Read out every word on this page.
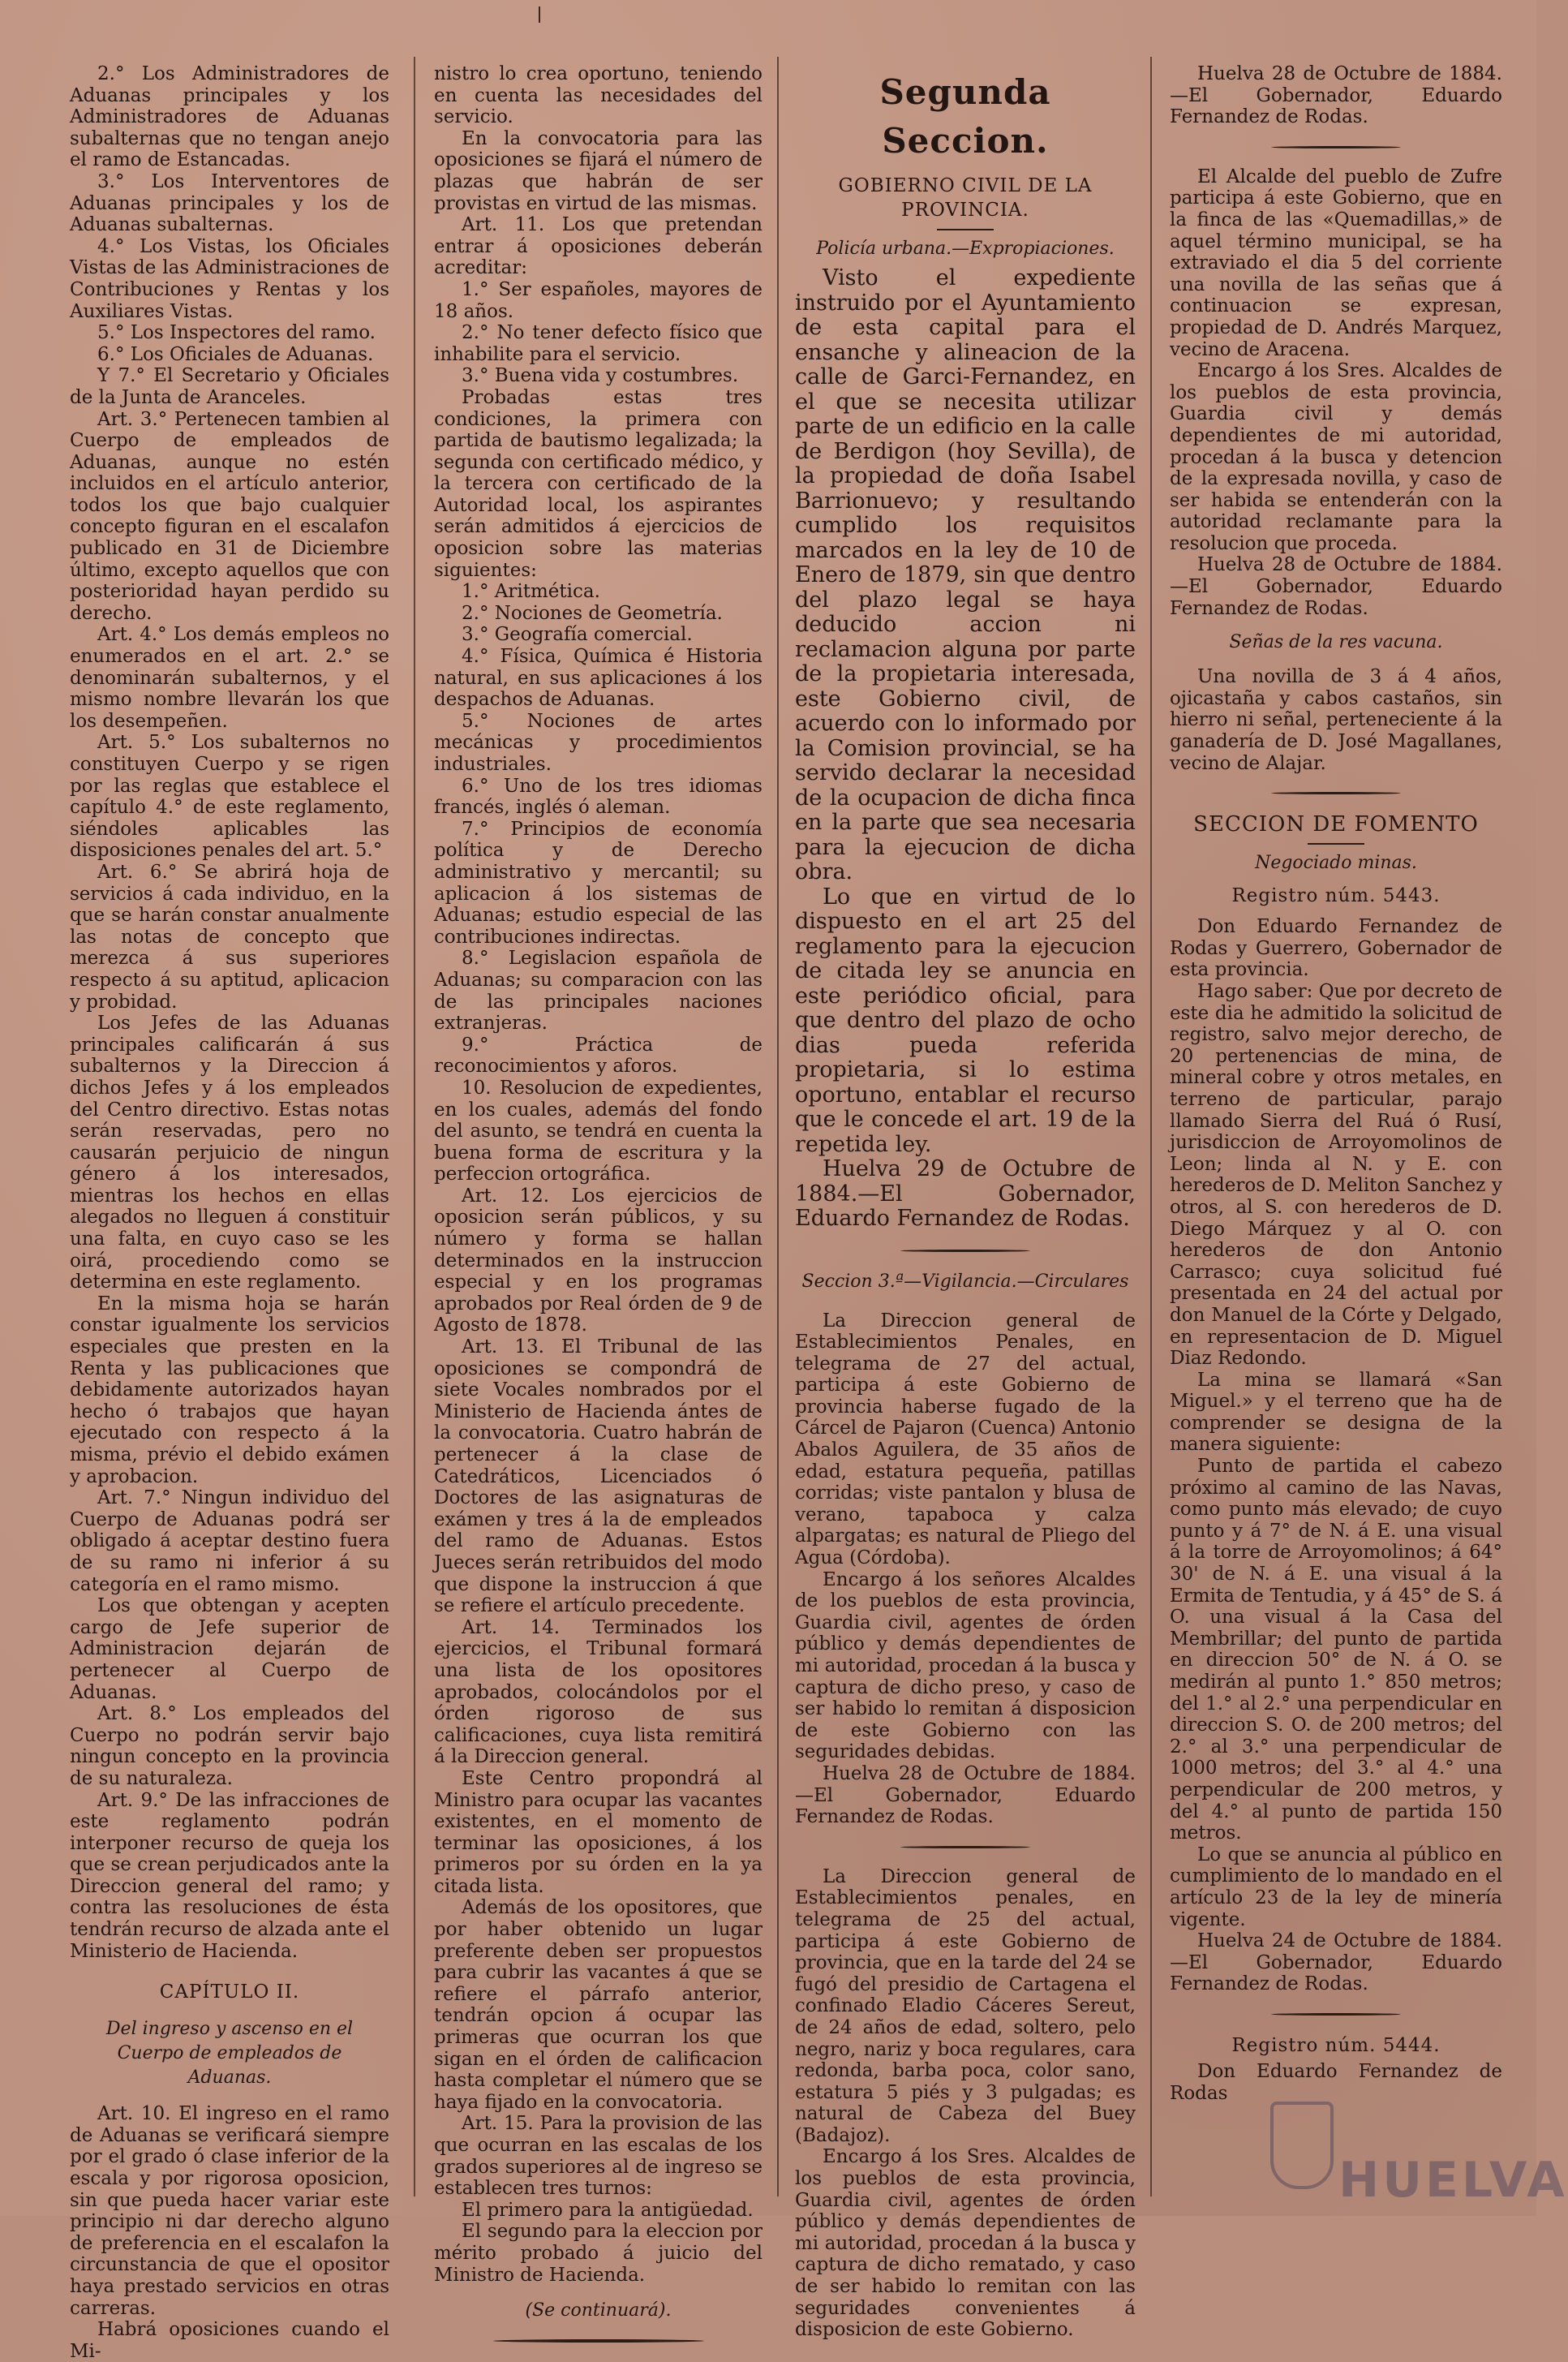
2.° Los Administradores de Aduanas principales y los Administradores de Aduanas subalternas que no tengan anejo el ramo de Estancadas.

3.° Los Interventores de Aduanas principales y los de Aduanas subalternas.

4.° Los Vistas, los Oficiales Vistas de las Administraciones de Contribuciones y Rentas y los Auxiliares Vistas.

5.° Los Inspectores del ramo.

6.° Los Oficiales de Aduanas.

Y 7.° El Secretario y Oficiales de la Junta de Aranceles.

Art. 3.° Pertenecen tambien al Cuerpo de empleados de Aduanas, aunque no estén incluidos en el artículo anterior, todos los que bajo cualquier concepto figuran en el escalafon publicado en 31 de Diciembre último, excepto aquellos que con posterioridad hayan perdido su derecho.

Art. 4.° Los demás empleos no enumerados en el art. 2.° se denominarán subalternos, y el mismo nombre llevarán los que los desempeñen.

Art. 5.° Los subalternos no constituyen Cuerpo y se rigen por las reglas que establece el capítulo 4.° de este reglamento, siéndoles aplicables las disposiciones penales del art. 5.°

Art. 6.° Se abrirá hoja de servicios á cada individuo, en la que se harán constar anualmente las notas de concepto que merezca á sus superiores respecto á su aptitud, aplicacion y probidad.

Los Jefes de las Aduanas principales calificarán á sus subalternos y la Direccion á dichos Jefes y á los empleados del Centro directivo. Estas notas serán reservadas, pero no causarán perjuicio de ningun género á los interesados, mientras los hechos en ellas alegados no lleguen á constituir una falta, en cuyo caso se les oirá, procediendo como se determina en este reglamento.

En la misma hoja se harán constar igualmente los servicios especiales que presten en la Renta y las publicaciones que debidamente autorizados hayan hecho ó trabajos que hayan ejecutado con respecto á la misma, prévio el debido exámen y aprobacion.

Art. 7.° Ningun individuo del Cuerpo de Aduanas podrá ser obligado á aceptar destino fuera de su ramo ni inferior á su categoría en el ramo mismo.

Los que obtengan y acepten cargo de Jefe superior de Administracion dejarán de pertenecer al Cuerpo de Aduanas.

Art. 8.° Los empleados del Cuerpo no podrán servir bajo ningun concepto en la provincia de su naturaleza.

Art. 9.° De las infracciones de este reglamento podrán interponer recurso de queja los que se crean perjudicados ante la Direccion general del ramo; y contra las resoluciones de ésta tendrán recurso de alzada ante el Ministerio de Hacienda.

CAPÍTULO II.
Del ingreso y ascenso en el Cuerpo de empleados de Aduanas.

Art. 10. El ingreso en el ramo de Aduanas se verificará siempre por el grado ó clase inferior de la escala y por rigorosa oposicion, sin que pueda hacer variar este principio ni dar derecho alguno de preferencia en el escalafon la circunstancia de que el opositor haya prestado servicios en otras carreras.

Habrá oposiciones cuando el Mi-

nistro lo crea oportuno, teniendo en cuenta las necesidades del servicio.

En la convocatoria para las oposiciones se fijará el número de plazas que habrán de ser provistas en virtud de las mismas.

Art. 11. Los que pretendan entrar á oposiciones deberán acreditar:

1.° Ser españoles, mayores de 18 años.

2.° No tener defecto físico que inhabilite para el servicio.

3.° Buena vida y costumbres.

Probadas estas tres condiciones, la primera con partida de bautismo legalizada; la segunda con certificado médico, y la tercera con certificado de la Autoridad local, los aspirantes serán admitidos á ejercicios de oposicion sobre las materias siguientes:

1.° Aritmética.

2.° Nociones de Geometría.

3.° Geografía comercial.

4.° Física, Química é Historia natural, en sus aplicaciones á los despachos de Aduanas.

5.° Nociones de artes mecánicas y procedimientos industriales.

6.° Uno de los tres idiomas francés, inglés ó aleman.

7.° Principios de economía política y de Derecho administrativo y mercantil; su aplicacion á los sistemas de Aduanas; estudio especial de las contribuciones indirectas.

8.° Legislacion española de Aduanas; su comparacion con las de las principales naciones extranjeras.

9.° Práctica de reconocimientos y aforos.

10. Resolucion de expedientes, en los cuales, además del fondo del asunto, se tendrá en cuenta la buena forma de escritura y la perfeccion ortográfica.

Art. 12. Los ejercicios de oposicion serán públicos, y su número y forma se hallan determinados en la instruccion especial y en los programas aprobados por Real órden de 9 de Agosto de 1878.

Art. 13. El Tribunal de las oposiciones se compondrá de siete Vocales nombrados por el Ministerio de Hacienda ántes de la convocatoria. Cuatro habrán de pertenecer á la clase de Catedráticos, Licenciados ó Doctores de las asignaturas de exámen y tres á la de empleados del ramo de Aduanas. Estos Jueces serán retribuidos del modo que dispone la instruccion á que se refiere el artículo precedente.

Art. 14. Terminados los ejercicios, el Tribunal formará una lista de los opositores aprobados, colocándolos por el órden rigoroso de sus calificaciones, cuya lista remitirá á la Direccion general.

Este Centro propondrá al Ministro para ocupar las vacantes existentes, en el momento de terminar las oposiciones, á los primeros por su órden en la ya citada lista.

Además de los opositores, que por haber obtenido un lugar preferente deben ser propuestos para cubrir las vacantes á que se refiere el párrafo anterior, tendrán opcion á ocupar las primeras que ocurran los que sigan en el órden de calificacion hasta completar el número que se haya fijado en la convocatoria.

Art. 15. Para la provision de las que ocurran en las escalas de los grados superiores al de ingreso se establecen tres turnos:

El primero para la antigüedad.

El segundo para la eleccion por mérito probado á juicio del Ministro de Hacienda.

(Se continuará).
Segunda Seccion.
GOBIERNO CIVIL DE LA PROVINCIA.
Policía urbana.—Expropiaciones.

Visto el expediente instruido por el Ayuntamiento de esta capital para el ensanche y alineacion de la calle de Garci-Fernandez, en el que se necesita utilizar parte de un edificio en la calle de Berdigon (hoy Sevilla), de la propiedad de doña Isabel Barrionuevo; y resultando cumplido los requisitos marcados en la ley de 10 de Enero de 1879, sin que dentro del plazo legal se haya deducido accion ni reclamacion alguna por parte de la propietaria interesada, este Gobierno civil, de acuerdo con lo informado por la Comision provincial, se ha servido declarar la necesidad de la ocupacion de dicha finca en la parte que sea necesaria para la ejecucion de dicha obra.

Lo que en virtud de lo dispuesto en el art 25 del reglamento para la ejecucion de citada ley se anuncia en este periódico oficial, para que dentro del plazo de ocho dias pueda referida propietaria, si lo estima oportuno, entablar el recurso que le concede el art. 19 de la repetida ley.

Huelva 29 de Octubre de 1884.—El Gobernador, Eduardo Fernandez de Rodas.

Seccion 3.ª—Vigilancia.—Circulares

La Direccion general de Establecimientos Penales, en telegrama de 27 del actual, participa á este Gobierno de provincia haberse fugado de la Cárcel de Pajaron (Cuenca) Antonio Abalos Aguilera, de 35 años de edad, estatura pequeña, patillas corridas; viste pantalon y blusa de verano, tapaboca y calza alpargatas; es natural de Pliego del Agua (Córdoba).

Encargo á los señores Alcaldes de los pueblos de esta provincia, Guardia civil, agentes de órden público y demás dependientes de mi autoridad, procedan á la busca y captura de dicho preso, y caso de ser habido lo remitan á disposicion de este Gobierno con las seguridades debidas.

Huelva 28 de Octubre de 1884.—El Gobernador, Eduardo Fernandez de Rodas.

La Direccion general de Establecimientos penales, en telegrama de 25 del actual, participa á este Gobierno de provincia, que en la tarde del 24 se fugó del presidio de Cartagena el confinado Eladio Cáceres Sereut, de 24 años de edad, soltero, pelo negro, nariz y boca regulares, cara redonda, barba poca, color sano, estatura 5 piés y 3 pulgadas; es natural de Cabeza del Buey (Badajoz).

Encargo á los Sres. Alcaldes de los pueblos de esta provincia, Guardia civil, agentes de órden público y demás dependientes de mi autoridad, procedan á la busca y captura de dicho rematado, y caso de ser habido lo remitan con las seguridades convenientes á disposicion de este Gobierno.

Huelva 28 de Octubre de 1884.—El Gobernador, Eduardo Fernandez de Rodas.

El Alcalde del pueblo de Zufre participa á este Gobierno, que en la finca de las «Quemadillas,» de aquel término municipal, se ha extraviado el dia 5 del corriente una novilla de las señas que á continuacion se expresan, propiedad de D. Andrés Marquez, vecino de Aracena.

Encargo á los Sres. Alcaldes de los pueblos de esta provincia, Guardia civil y demás dependientes de mi autoridad, procedan á la busca y detencion de la expresada novilla, y caso de ser habida se entenderán con la autoridad reclamante para la resolucion que proceda.

Huelva 28 de Octubre de 1884.—El Gobernador, Eduardo Fernandez de Rodas.

Señas de la res vacuna.

Una novilla de 3 á 4 años, ojicastaña y cabos castaños, sin hierro ni señal, perteneciente á la ganadería de D. José Magallanes, vecino de Alajar.

SECCION DE FOMENTO
Negociado minas.
Registro núm. 5443.

Don Eduardo Fernandez de Rodas y Guerrero, Gobernador de esta provincia.

Hago saber: Que por decreto de este dia he admitido la solicitud de registro, salvo mejor derecho, de 20 pertenencias de mina, de mineral cobre y otros metales, en terreno de particular, parajo llamado Sierra del Ruá ó Rusí, jurisdiccion de Arroyomolinos de Leon; linda al N. y E. con herederos de D. Meliton Sanchez y otros, al S. con herederos de D. Diego Márquez y al O. con herederos de don Antonio Carrasco; cuya solicitud fué presentada en 24 del actual por don Manuel de la Córte y Delgado, en representacion de D. Miguel Diaz Redondo.

La mina se llamará «San Miguel.» y el terreno que ha de comprender se designa de la manera siguiente:

Punto de partida el cabezo próximo al camino de las Navas, como punto más elevado; de cuyo punto y á 7° de N. á E. una visual á la torre de Arroyomolinos; á 64° 30' de N. á E. una visual á la Ermita de Tentudia, y á 45° de S. á O. una visual á la Casa del Membrillar; del punto de partida en direccion 50° de N. á O. se medirán al punto 1.° 850 metros; del 1.° al 2.° una perpendicular en direccion S. O. de 200 metros; del 2.° al 3.° una perpendicular de 1000 metros; del 3.° al 4.° una perpendicular de 200 metros, y del 4.° al punto de partida 150 metros.

Lo que se anuncia al público en cumplimiento de lo mandado en el artículo 23 de la ley de minería vigente.

Huelva 24 de Octubre de 1884.—El Gobernador, Eduardo Fernandez de Rodas.

Registro núm. 5444.

Don Eduardo Fernandez de Rodas

HUELVA
